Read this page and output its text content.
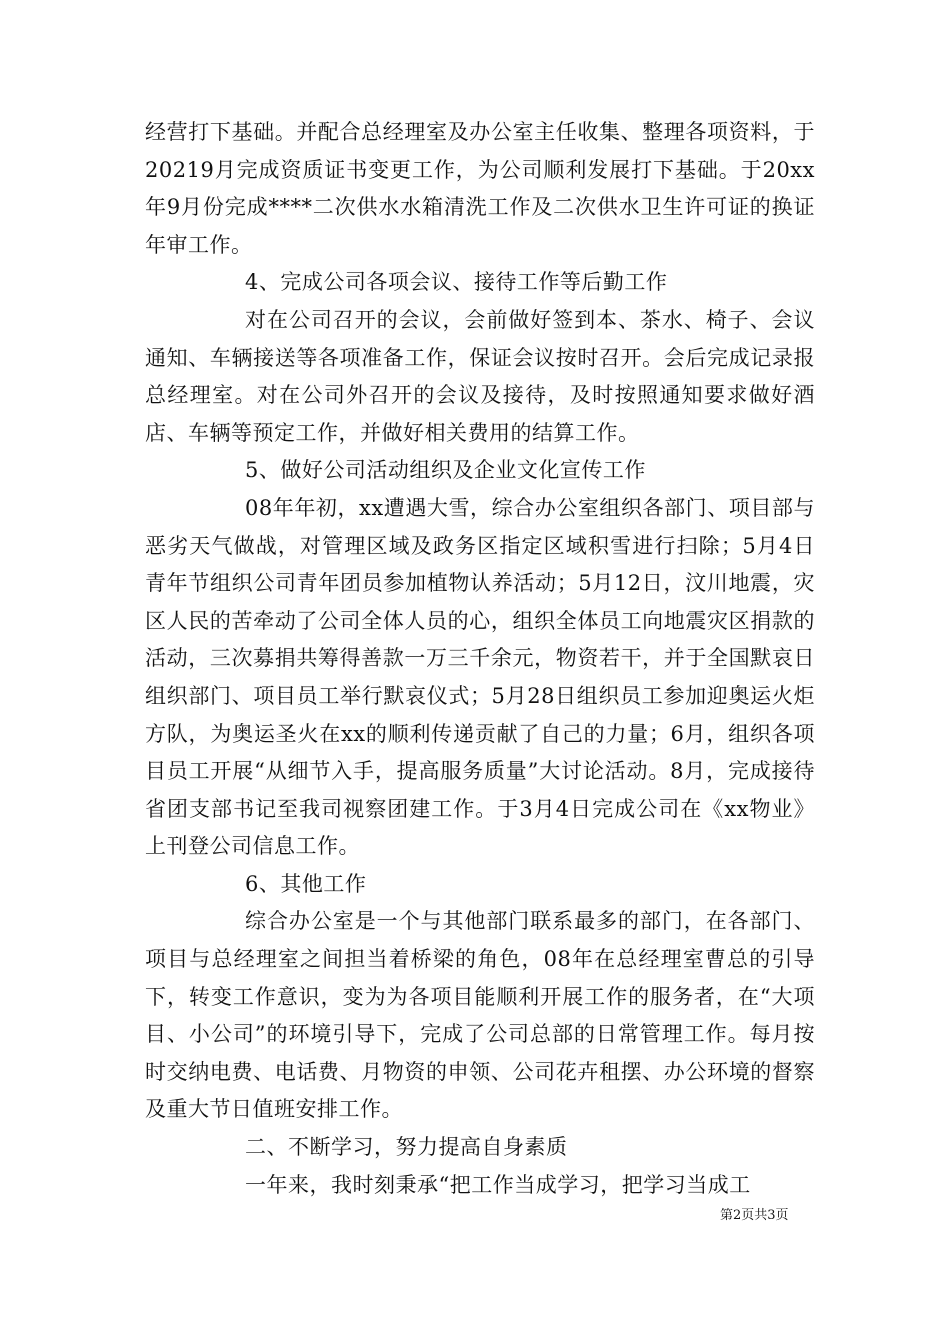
经营打下基础。并配合总经理室及办公室主任收集、整理各项资料，于20219月完成资质证书变更工作，为公司顺利发展打下基础。于20xx年9月份完成****二次供水水箱清洗工作及二次供水卫生许可证的换证年审工作。

4、完成公司各项会议、接待工作等后勤工作

对在公司召开的会议，会前做好签到本、茶水、椅子、会议通知、车辆接送等各项准备工作，保证会议按时召开。会后完成记录报总经理室。对在公司外召开的会议及接待，及时按照通知要求做好酒店、车辆等预定工作，并做好相关费用的结算工作。

5、做好公司活动组织及企业文化宣传工作

08年年初，xx遭遇大雪，综合办公室组织各部门、项目部与恶劣天气做战，对管理区域及政务区指定区域积雪进行扫除；5月4日青年节组织公司青年团员参加植物认养活动；5月12日，汶川地震，灾区人民的苦牵动了公司全体人员的心，组织全体员工向地震灾区捐款的活动，三次募捐共筹得善款一万三千余元，物资若干，并于全国默哀日组织部门、项目员工举行默哀仪式；5月28日组织员工参加迎奥运火炬方队，为奥运圣火在xx的顺利传递贡献了自己的力量；6月，组织各项目员工开展“从细节入手，提高服务质量”大讨论活动。8月，完成接待省团支部书记至我司视察团建工作。于3月4日完成公司在《xx物业》上刊登公司信息工作。

6、其他工作

综合办公室是一个与其他部门联系最多的部门，在各部门、项目与总经理室之间担当着桥梁的角色，08年在总经理室曹总的引导下，转变工作意识，变为为各项目能顺利开展工作的服务者，在“大项目、小公司”的环境引导下，完成了公司总部的日常管理工作。每月按时交纳电费、电话费、月物资的申领、公司花卉租摆、办公环境的督察及重大节日值班安排工作。

二、不断学习，努力提高自身素质

一年来，我时刻秉承“把工作当成学习，把学习当成工

第2页共3页
